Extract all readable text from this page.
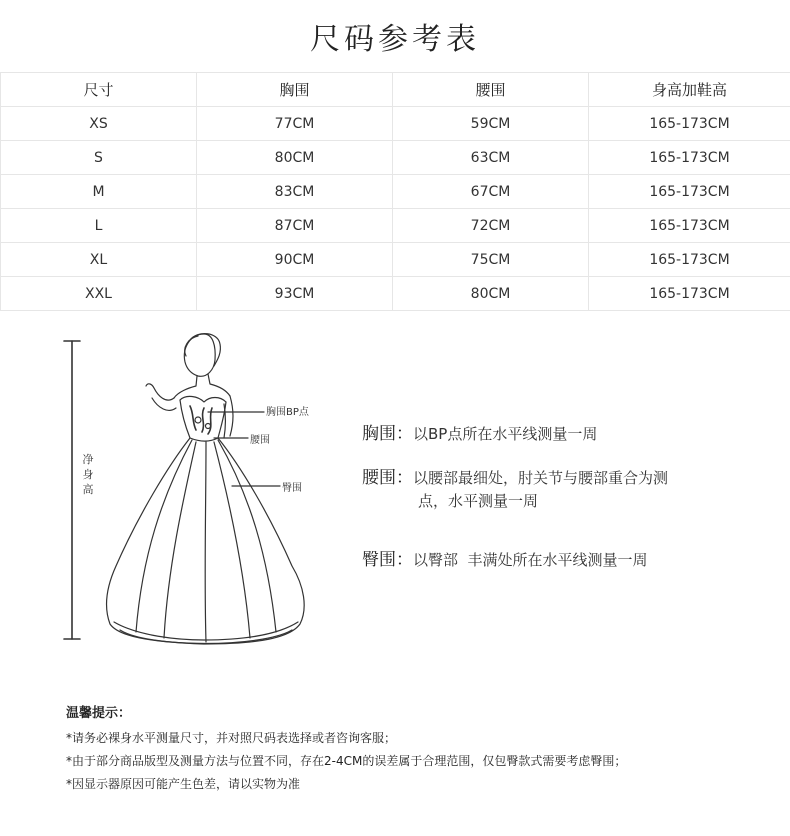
尺码参考表
尺寸	胸围	腰围	身高加鞋高
XS	77CM	59CM	165-173CM
S	80CM	63CM	165-173CM
M	83CM	67CM	165-173CM
L	87CM	72CM	165-173CM
XL	90CM	75CM	165-173CM
XXL	93CM	80CM	165-173CM
净身高
胸围BP点
腰围
臀围
胸围：以BP点所在水平线测量一周
腰围：以腰部最细处，肘关节与腰部重合为测
点，水平测量一周
臀围：以臀部  丰满处所在水平线测量一周
温馨提示：
*请务必裸身水平测量尺寸，并对照尺码表选择或者咨询客服；
*由于部分商品版型及测量方法与位置不同，存在2-4CM的误差属于合理范围，仅包臀款式需要考虑臀围；
*因显示器原因可能产生色差，请以实物为准
